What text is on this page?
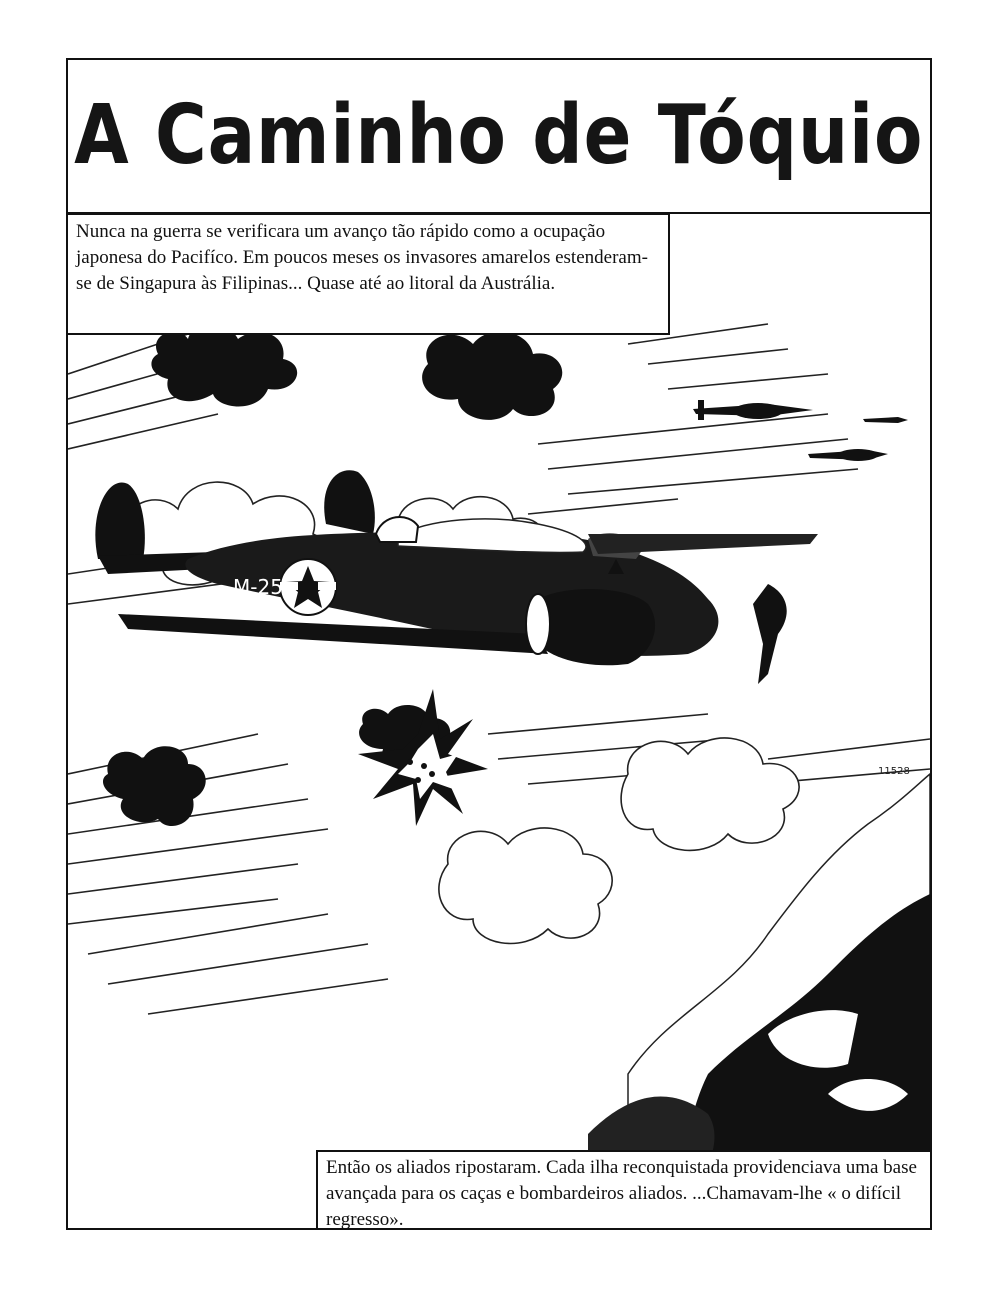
A Caminho de Tóquio
M-25
25
11528
Nunca na guerra se verificara um avanço tão rápido como a ocupação japonesa do Pacifíco. Em poucos meses os invasores amarelos estenderam-se de Singapura às Filipinas... Quase até ao litoral da Austrália.
Então os aliados ripostaram. Cada ilha reconquistada providenciava uma base avançada para os caças e bombardeiros aliados. ...Chamavam-lhe « o difícil regresso».
